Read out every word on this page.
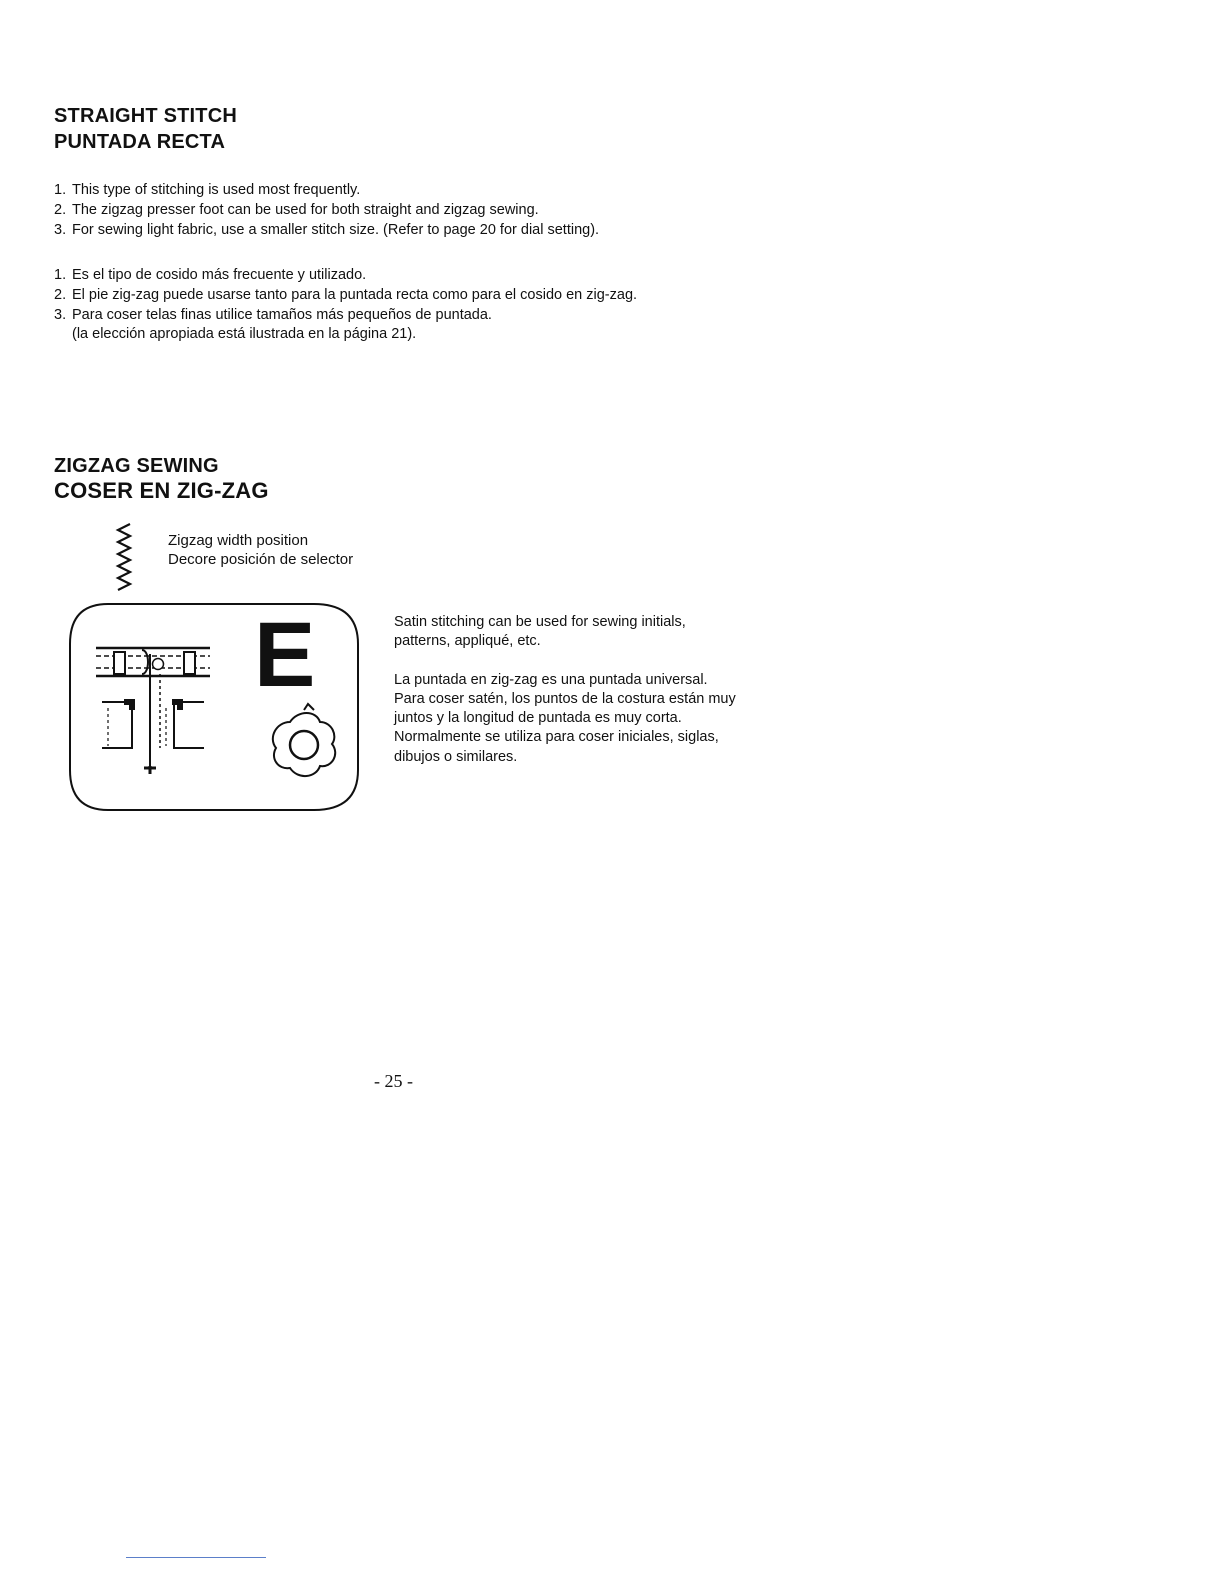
STRAIGHT STITCH
PUNTADA RECTA
1. This type of stitching is used most frequently.
2. The zigzag presser foot can be used for both straight and zigzag sewing.
3. For sewing light fabric, use a smaller stitch size. (Refer to page 20 for dial setting).
1. Es el tipo de cosido más frecuente y utilizado.
2. El pie zig-zag puede usarse tanto para la puntada recta como para el cosido en zig-zag.
3. Para coser telas finas utilice tamaños más pequeños de puntada.
(la elección apropiada está ilustrada en la página 21).
ZIGZAG SEWING
COSER EN ZIG-ZAG
Zigzag width position
Decore posición de selector
E	Satin stitching can be used for sewing initials, patterns, appliqué, etc.

La puntada en zig-zag es una puntada universal.

Para coser satén, los puntos de la costura están muy juntos y la longitud de puntada es muy corta. Normalmente se utiliza para coser iniciales, siglas, dibujos o similares.

- 25 -
